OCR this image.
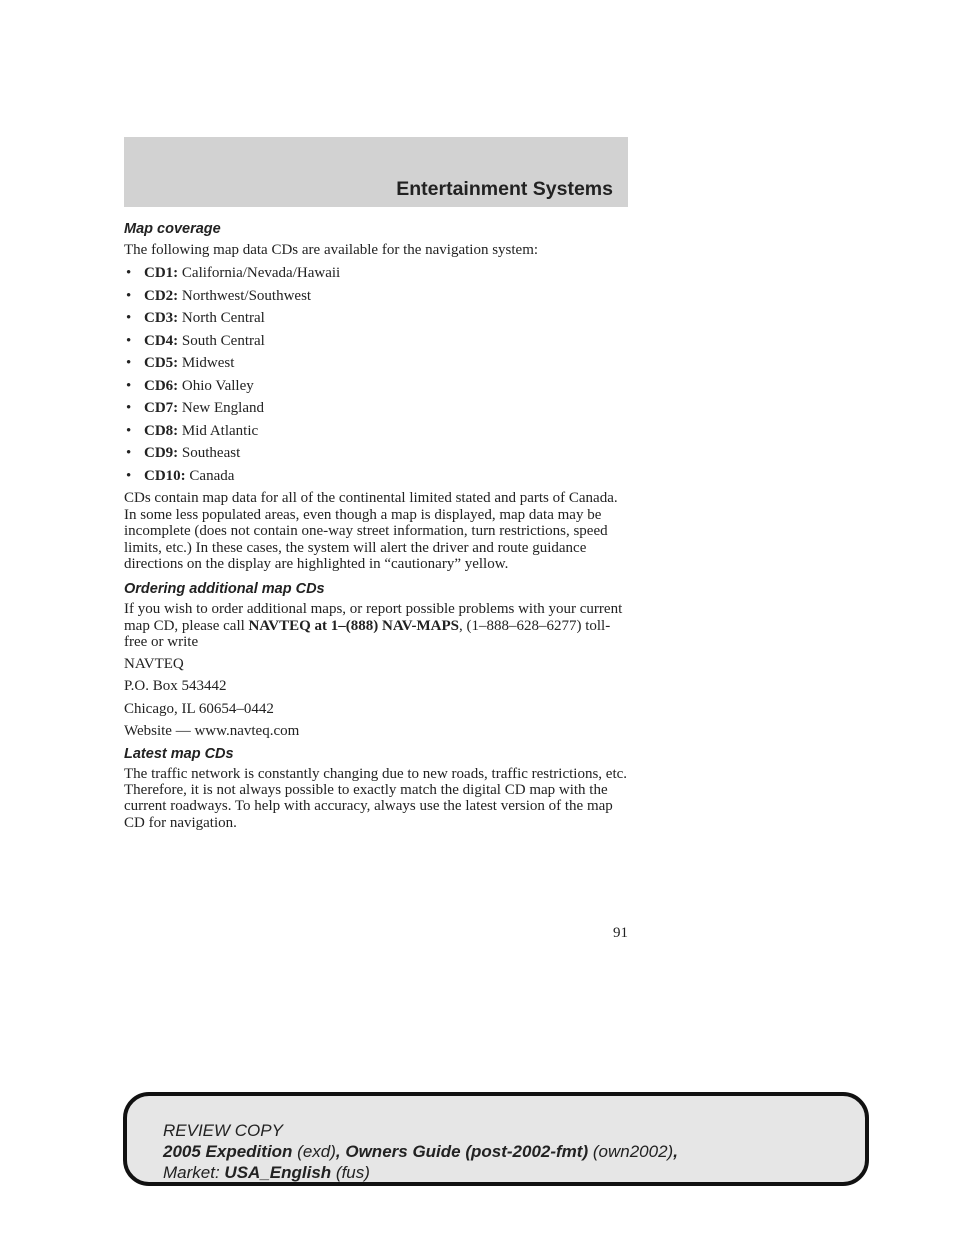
Entertainment Systems
Map coverage

The following map data CDs are available for the navigation system:

• CD1: California/Nevada/Hawaii
• CD2: Northwest/Southwest
• CD3: North Central
• CD4: South Central
• CD5: Midwest
• CD6: Ohio Valley
• CD7: New England
• CD8: Mid Atlantic
• CD9: Southeast
• CD10: Canada

CDs contain map data for all of the continental limited stated and parts of Canada. In some less populated areas, even though a map is displayed, map data may be incomplete (does not contain one-way street information, turn restrictions, speed limits, etc.) In these cases, the system will alert the driver and route guidance directions on the display are highlighted in “cautionary” yellow.

Ordering additional map CDs

If you wish to order additional maps, or report possible problems with your current map CD, please call NAVTEQ at 1–(888) NAV-MAPS, (1–888–628–6277) toll-free or write

NAVTEQ

P.O. Box 543442

Chicago, IL 60654–0442

Website — www.navteq.com

Latest map CDs

The traffic network is constantly changing due to new roads, traffic restrictions, etc. Therefore, it is not always possible to exactly match the digital CD map with the current roadways. To help with accuracy, always use the latest version of the map CD for navigation.

91
REVIEW COPY
2005 Expedition (exd), Owners Guide (post-2002-fmt) (own2002),
Market: USA_English (fus)
